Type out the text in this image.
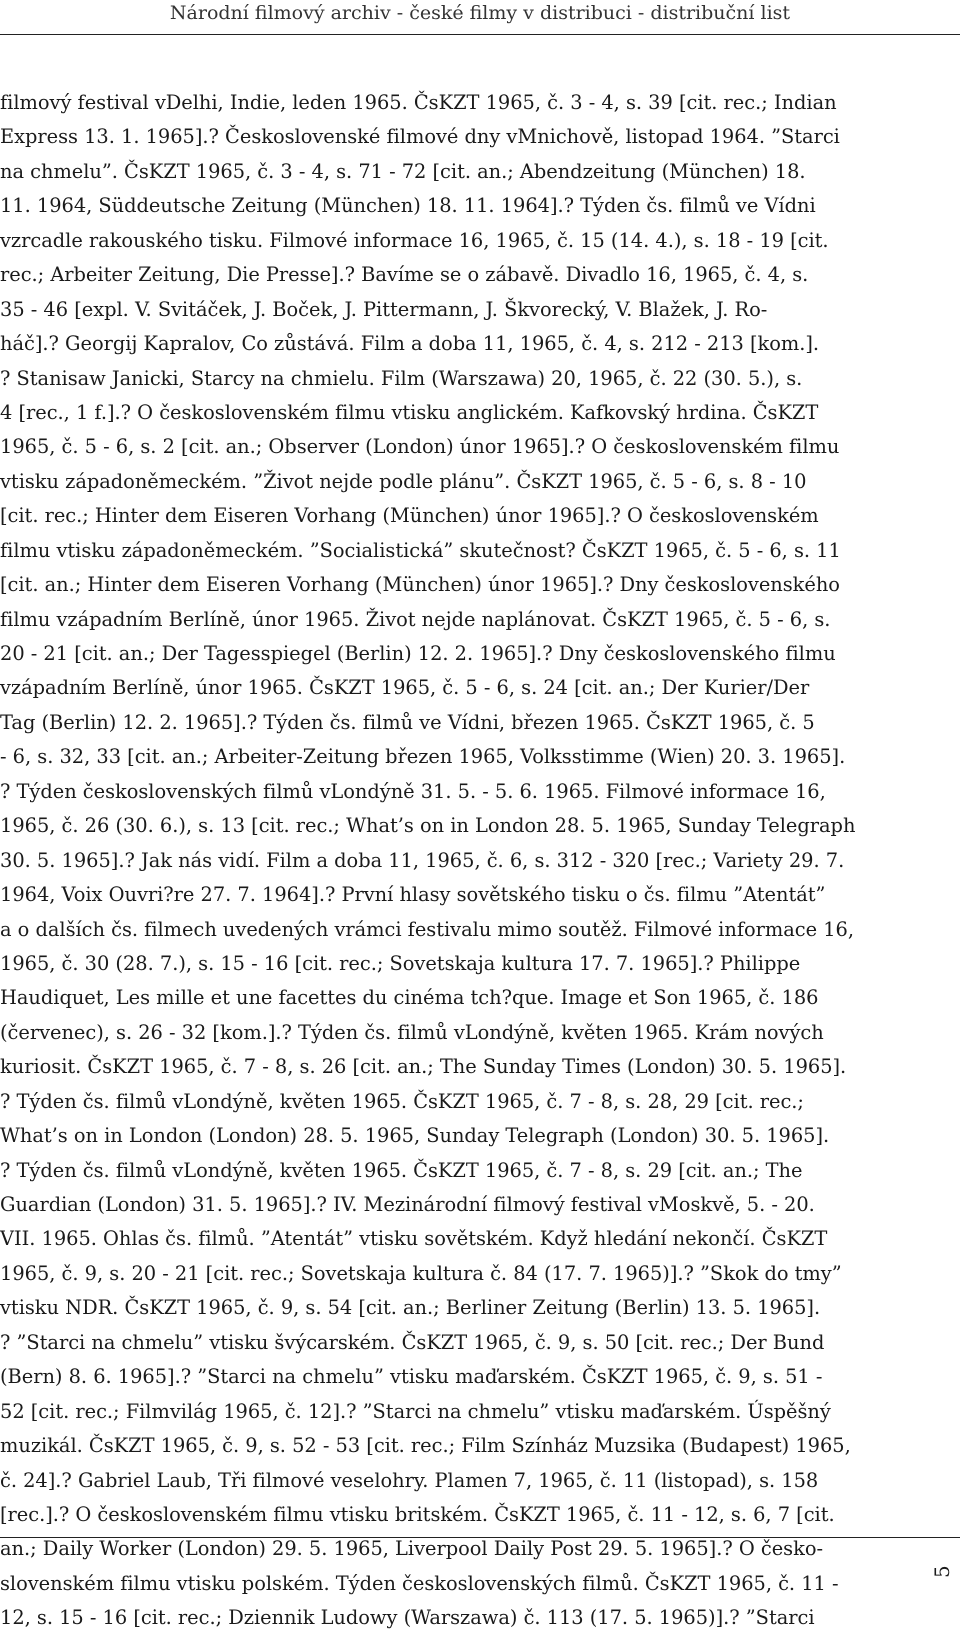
Národní filmový archiv - české filmy v distribuci - distribuční list
filmový festival vDelhi, Indie, leden 1965. ČsKZT 1965, č. 3 - 4, s. 39 [cit. rec.; Indian
Express 13. 1. 1965].? Československé filmové dny vMnichově, listopad 1964. ”Starci
na chmelu”. ČsKZT 1965, č. 3 - 4, s. 71 - 72 [cit. an.; Abendzeitung (München) 18.
11. 1964, Süddeutsche Zeitung (München) 18. 11. 1964].? Týden čs. filmů ve Vídni
vzrcadle rakouského tisku. Filmové informace 16, 1965, č. 15 (14. 4.), s. 18 - 19 [cit.
rec.; Arbeiter Zeitung, Die Presse].? Bavíme se o zábavě. Divadlo 16, 1965, č. 4, s.
35 - 46 [expl. V. Svitáček, J. Boček, J. Pittermann, J. Škvorecký, V. Blažek, J. Ro-
háč].? Georgij Kapralov, Co zůstává. Film a doba 11, 1965, č. 4, s. 212 - 213 [kom.].
? Stanisaw Janicki, Starcy na chmielu. Film (Warszawa) 20, 1965, č. 22 (30. 5.), s.
4 [rec., 1 f.].? O československém filmu vtisku anglickém. Kafkovský hrdina. ČsKZT
1965, č. 5 - 6, s. 2 [cit. an.; Observer (London) únor 1965].? O československém filmu
vtisku západoněmeckém. ”Život nejde podle plánu”. ČsKZT 1965, č. 5 - 6, s. 8 - 10
[cit. rec.; Hinter dem Eiseren Vorhang (München) únor 1965].? O československém
filmu vtisku západoněmeckém. ”Socialistická” skutečnost? ČsKZT 1965, č. 5 - 6, s. 11
[cit. an.; Hinter dem Eiseren Vorhang (München) únor 1965].? Dny československého
filmu vzápadním Berlíně, únor 1965. Život nejde naplánovat. ČsKZT 1965, č. 5 - 6, s.
20 - 21 [cit. an.; Der Tagesspiegel (Berlin) 12. 2. 1965].? Dny československého filmu
vzápadním Berlíně, únor 1965. ČsKZT 1965, č. 5 - 6, s. 24 [cit. an.; Der Kurier/Der
Tag (Berlin) 12. 2. 1965].? Týden čs. filmů ve Vídni, březen 1965. ČsKZT 1965, č. 5
- 6, s. 32, 33 [cit. an.; Arbeiter-Zeitung březen 1965, Volksstimme (Wien) 20. 3. 1965].
? Týden československých filmů vLondýně 31. 5. - 5. 6. 1965. Filmové informace 16,
1965, č. 26 (30. 6.), s. 13 [cit. rec.; What’s on in London 28. 5. 1965, Sunday Telegraph
30. 5. 1965].? Jak nás vidí. Film a doba 11, 1965, č. 6, s. 312 - 320 [rec.; Variety 29. 7.
1964, Voix Ouvri?re 27. 7. 1964].? První hlasy sovětského tisku o čs. filmu ”Atentát”
a o dalších čs. filmech uvedených vrámci festivalu mimo soutěž. Filmové informace 16,
1965, č. 30 (28. 7.), s. 15 - 16 [cit. rec.; Sovetskaja kultura 17. 7. 1965].? Philippe
Haudiquet, Les mille et une facettes du cinéma tch?que. Image et Son 1965, č. 186
(červenec), s. 26 - 32 [kom.].? Týden čs. filmů vLondýně, květen 1965. Krám nových
kuriosit. ČsKZT 1965, č. 7 - 8, s. 26 [cit. an.; The Sunday Times (London) 30. 5. 1965].
? Týden čs. filmů vLondýně, květen 1965. ČsKZT 1965, č. 7 - 8, s. 28, 29 [cit. rec.;
What’s on in London (London) 28. 5. 1965, Sunday Telegraph (London) 30. 5. 1965].
? Týden čs. filmů vLondýně, květen 1965. ČsKZT 1965, č. 7 - 8, s. 29 [cit. an.; The
Guardian (London) 31. 5. 1965].? IV. Mezinárodní filmový festival vMoskvě, 5. - 20.
VII. 1965. Ohlas čs. filmů. ”Atentát” vtisku sovětském. Když hledání nekončí. ČsKZT
1965, č. 9, s. 20 - 21 [cit. rec.; Sovetskaja kultura č. 84 (17. 7. 1965)].? ”Skok do tmy”
vtisku NDR. ČsKZT 1965, č. 9, s. 54 [cit. an.; Berliner Zeitung (Berlin) 13. 5. 1965].
? ”Starci na chmelu” vtisku švýcarském. ČsKZT 1965, č. 9, s. 50 [cit. rec.; Der Bund
(Bern) 8. 6. 1965].? ”Starci na chmelu” vtisku maďarském. ČsKZT 1965, č. 9, s. 51 -
52 [cit. rec.; Filmvilág 1965, č. 12].? ”Starci na chmelu” vtisku maďarském. Úspěšný
muzikál. ČsKZT 1965, č. 9, s. 52 - 53 [cit. rec.; Film Színház Muzsika (Budapest) 1965,
č. 24].? Gabriel Laub, Tři filmové veselohry. Plamen 7, 1965, č. 11 (listopad), s. 158
[rec.].? O československém filmu vtisku britském. ČsKZT 1965, č. 11 - 12, s. 6, 7 [cit.
an.; Daily Worker (London) 29. 5. 1965, Liverpool Daily Post 29. 5. 1965].? O česko-
slovenském filmu vtisku polském. Týden československých filmů. ČsKZT 1965, č. 11 -
12, s. 15 - 16 [cit. rec.; Dziennik Ludowy (Warszawa) č. 113 (17. 5. 1965)].? ”Starci
5
